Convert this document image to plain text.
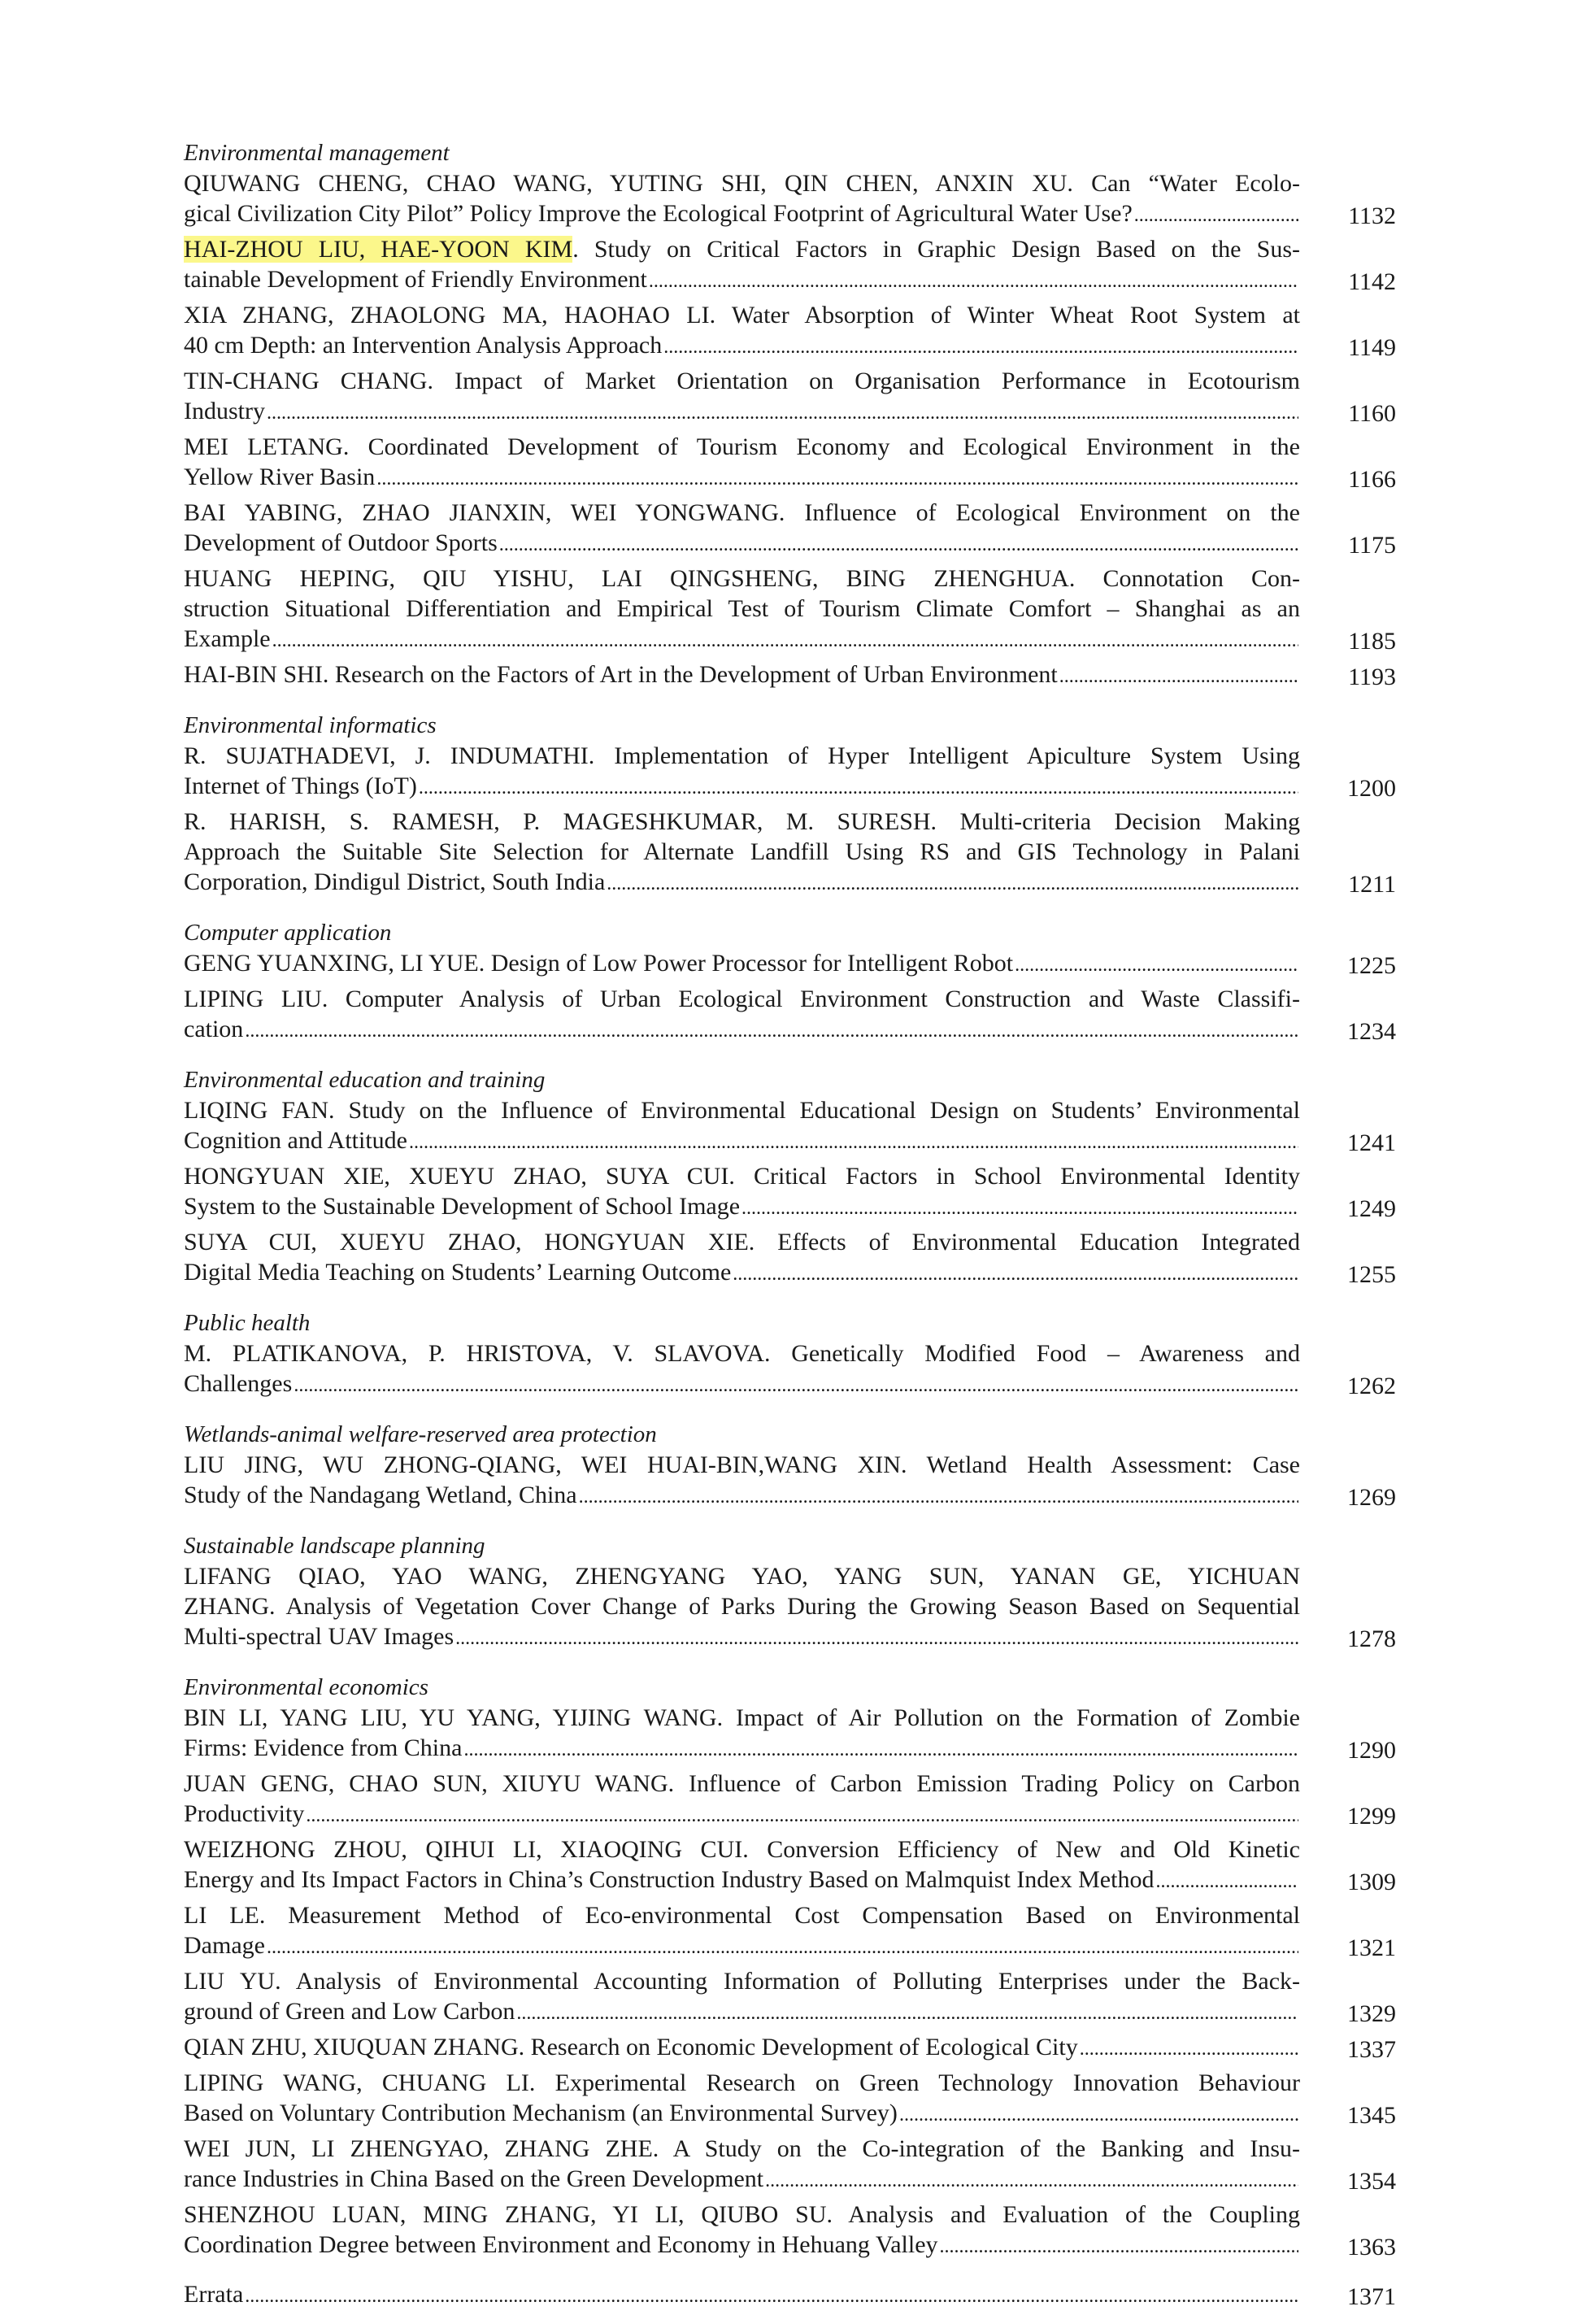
Environmental management
QIUWANG CHENG, CHAO WANG, YUTING SHI, QIN CHEN, ANXIN XU. Can “Water Ecolo-
gical Civilization City Pilot” Policy Improve the Ecological Footprint of Agricultural Water Use? . . .	1132
HAI-ZHOU LIU, HAE-YOON KIM. Study on Critical Factors in Graphic Design Based on the Sus-
tainable Development of Friendly Environment . . .	1142
XIA ZHANG, ZHAOLONG MA, HAOHAO LI. Water Absorption of Winter Wheat Root System at
40 cm Depth: an Intervention Analysis Approach . . .	1149
TIN-CHANG CHANG. Impact of Market Orientation on Organisation Performance in Ecotourism
Industry . . .	1160
MEI LETANG. Coordinated Development of Tourism Economy and Ecological Environment in the
Yellow River Basin . . .	1166
BAI YABING, ZHAO JIANXIN, WEI YONGWANG. Influence of Ecological Environment on the
Development of Outdoor Sports . . .	1175
HUANG HEPING, QIU YISHU, LAI QINGSHENG, BING ZHENGHUA. Connotation Con-
struction Situational Differentiation and Empirical Test of Tourism Climate Comfort – Shanghai as an
Example . . .	1185
HAI-BIN SHI. Research on the Factors of Art in the Development of Urban Environment . . .	1193
Environmental informatics
R. SUJATHADEVI, J. INDUMATHI. Implementation of Hyper Intelligent Apiculture System Using
Internet of Things (IoT) . . .	1200
R. HARISH, S. RAMESH, P. MAGESHKUMAR, M. SURESH. Multi-criteria Decision Making
Approach the Suitable Site Selection for Alternate Landfill Using RS and GIS Technology in Palani
Corporation, Dindigul District, South India . . .	1211
Computer application
GENG YUANXING, LI YUE. Design of Low Power Processor for Intelligent Robot . . .	1225
LIPING LIU. Computer Analysis of Urban Ecological Environment Construction and Waste Classifi-
cation . . .	1234
Environmental education and training
LIQING FAN. Study on the Influence of Environmental Educational Design on Students’ Environmental
Cognition and Attitude . . .	1241
HONGYUAN XIE, XUEYU ZHAO, SUYA CUI. Critical Factors in School Environmental Identity
System to the Sustainable Development of School Image . . .	1249
SUYA CUI, XUEYU ZHAO, HONGYUAN XIE. Effects of Environmental Education Integrated
Digital Media Teaching on Students’ Learning Outcome . . .	1255
Public health
M. PLATIKANOVA, P. HRISTOVA, V. SLAVOVA. Genetically Modified Food – Awareness and
Challenges . . .	1262
Wetlands-animal welfare-reserved area protection
LIU JING, WU ZHONG-QIANG, WEI HUAI-BIN,WANG XIN. Wetland Health Assessment: Case
Study of the Nandagang Wetland, China . . .	1269
Sustainable landscape planning
LIFANG QIAO, YAO WANG, ZHENGYANG YAO, YANG SUN, YANAN GE, YICHUAN
ZHANG. Analysis of Vegetation Cover Change of Parks During the Growing Season Based on Sequential
Multi-spectral UAV Images . . .	1278
Environmental economics
BIN LI, YANG LIU, YU YANG, YIJING WANG. Impact of Air Pollution on the Formation of Zombie
Firms: Evidence from China . . .	1290
JUAN GENG, CHAO SUN, XIUYU WANG. Influence of Carbon Emission Trading Policy on Carbon
Productivity . . .	1299
WEIZHONG ZHOU, QIHUI LI, XIAOQING CUI. Conversion Efficiency of New and Old Kinetic
Energy and Its Impact Factors in China’s Construction Industry Based on Malmquist Index Method . . .	1309
LI LE. Measurement Method of Eco-environmental Cost Compensation Based on Environmental
Damage . . .	1321
LIU YU. Analysis of Environmental Accounting Information of Polluting Enterprises under the Back-
ground of Green and Low Carbon . . .	1329
QIAN ZHU, XIUQUAN ZHANG. Research on Economic Development of Ecological City . . .	1337
LIPING WANG, CHUANG LI. Experimental Research on Green Technology Innovation Behaviour
Based on Voluntary Contribution Mechanism (an Environmental Survey) . . .	1345
WEI JUN, LI ZHENGYAO, ZHANG ZHE. A Study on the Co-integration of the Banking and Insu-
rance Industries in China Based on the Green Development . . .	1354
SHENZHOU LUAN, MING ZHANG, YI LI, QIUBO SU. Analysis and Evaluation of the Coupling
Coordination Degree between Environment and Economy in Hehuang Valley . . .	1363
Errata . . .	1371
